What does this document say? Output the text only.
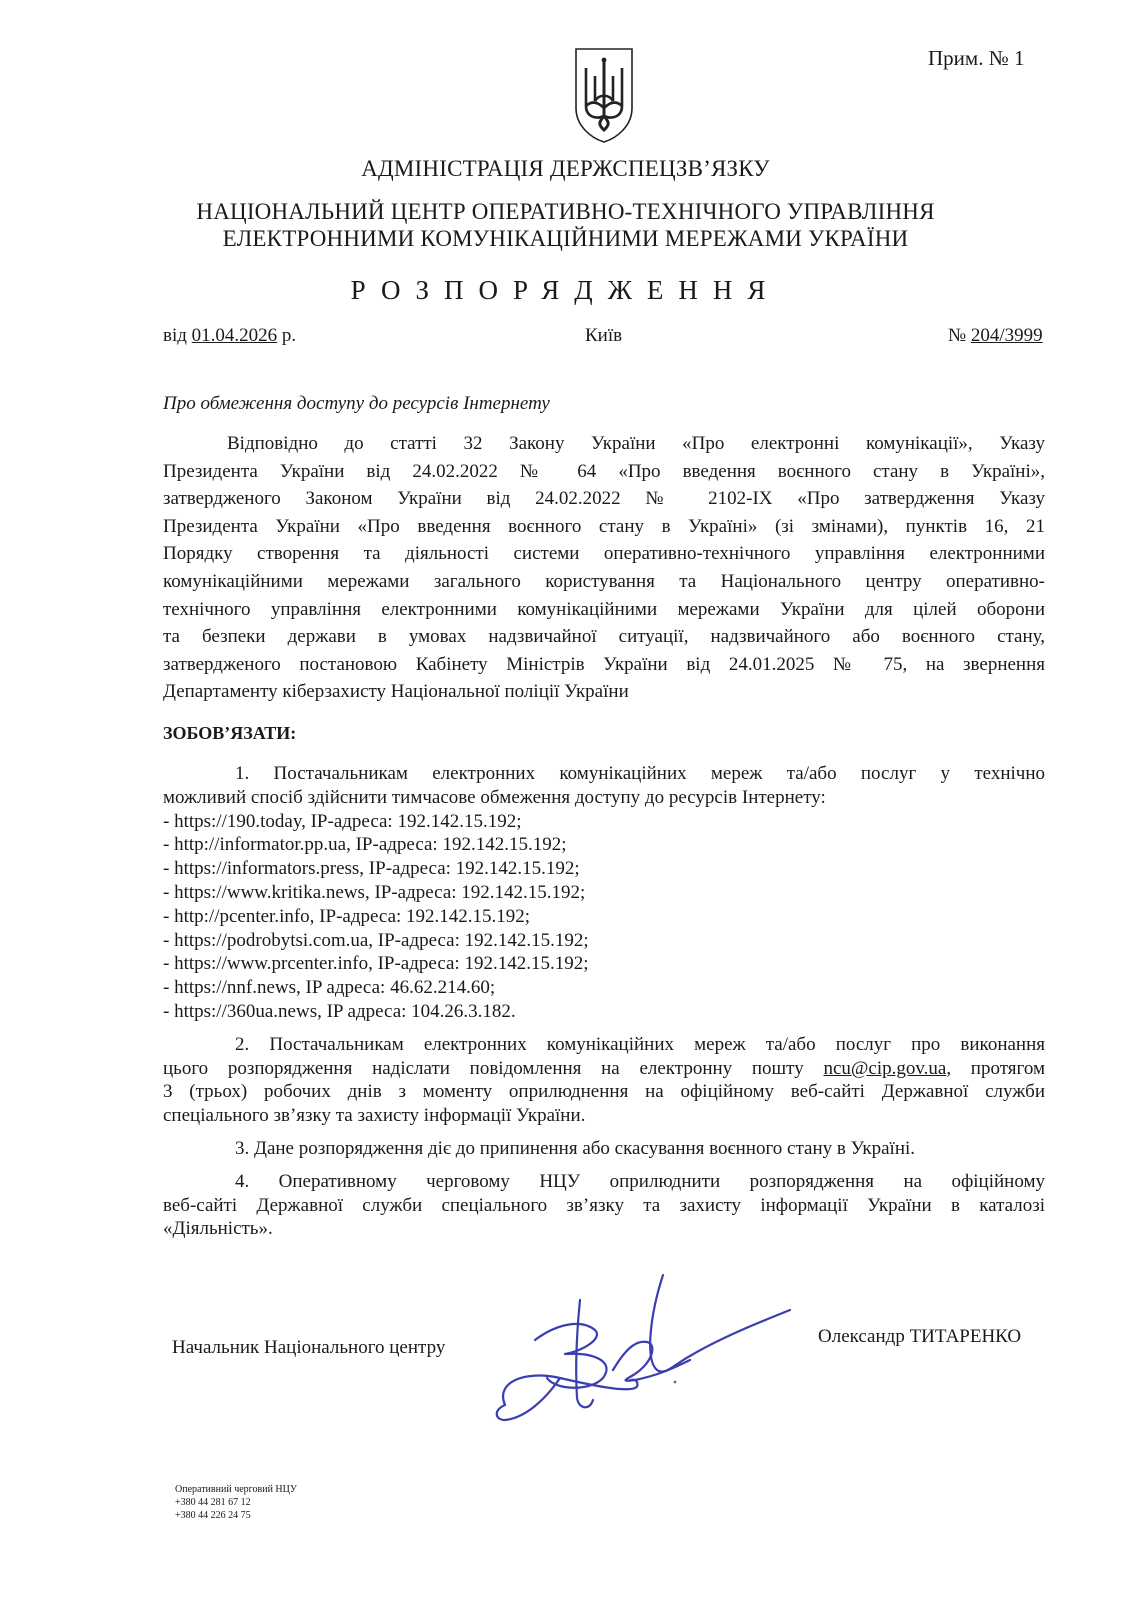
Прим. № 1
АДМІНІСТРАЦІЯ ДЕРЖСПЕЦЗВ’ЯЗКУ
НАЦІОНАЛЬНИЙ ЦЕНТР ОПЕРАТИВНО-ТЕХНІЧНОГО УПРАВЛІННЯ
ЕЛЕКТРОННИМИ КОМУНІКАЦІЙНИМИ МЕРЕЖАМИ УКРАЇНИ
РОЗПОРЯДЖЕННЯ
від 01.04.2026 р.	Київ	№ 204/3999
Про обмеження доступу до ресурсів Інтернету
Відповідно до статті 32 Закону України «Про електронні комунікації», Указу
Президента України від 24.02.2022 № 64 «Про введення воєнного стану в Україні»,
затвердженого Законом України від 24.02.2022 № 2102-IX «Про затвердження Указу
Президента України «Про введення воєнного стану в Україні» (зі змінами), пунктів 16, 21
Порядку створення та діяльності системи оперативно-технічного управління електронними
комунікаційними мережами загального користування та Національного центру оперативно-
технічного управління електронними комунікаційними мережами України для цілей оборони
та безпеки держави в умовах надзвичайної ситуації, надзвичайного або воєнного стану,
затвердженого постановою Кабінету Міністрів України від 24.01.2025 № 75, на звернення
Департаменту кіберзахисту Національної поліції України
ЗОБОВ’ЯЗАТИ:
1. Постачальникам електронних комунікаційних мереж та/або послуг у технічно
можливий спосіб здійснити тимчасове обмеження доступу до ресурсів Інтернету:
- https://190.today, IP-адреса: 192.142.15.192;
- http://informator.pp.ua, IP-адреса: 192.142.15.192;
- https://informators.press, IP-адреса: 192.142.15.192;
- https://www.kritika.news, IP-адреса: 192.142.15.192;
- http://pcenter.info, IP-адреса: 192.142.15.192;
- https://podrobytsi.com.ua, IP-адреса: 192.142.15.192;
- https://www.prcenter.info, IP-адреса: 192.142.15.192;
- https://nnf.news, IP адреса: 46.62.214.60;
- https://360ua.news, IP адреса: 104.26.3.182.
2. Постачальникам електронних комунікаційних мереж та/або послуг про виконання
цього розпорядження надіслати повідомлення на електронну пошту ncu@cip.gov.ua, протягом
3 (трьох) робочих днів з моменту оприлюднення на офіційному веб-сайті Державної служби
спеціального зв’язку та захисту інформації України.
3. Дане розпорядження діє до припинення або скасування воєнного стану в Україні.
4. Оперативному черговому НЦУ оприлюднити розпорядження на офіційному
веб-сайті Державної служби спеціального зв’язку та захисту інформації України в каталозі
«Діяльність».
Начальник Національного центру
Олександр ТИТАРЕНКО
Оперативний черговий НЦУ
+380 44 281 67 12
+380 44 226 24 75
